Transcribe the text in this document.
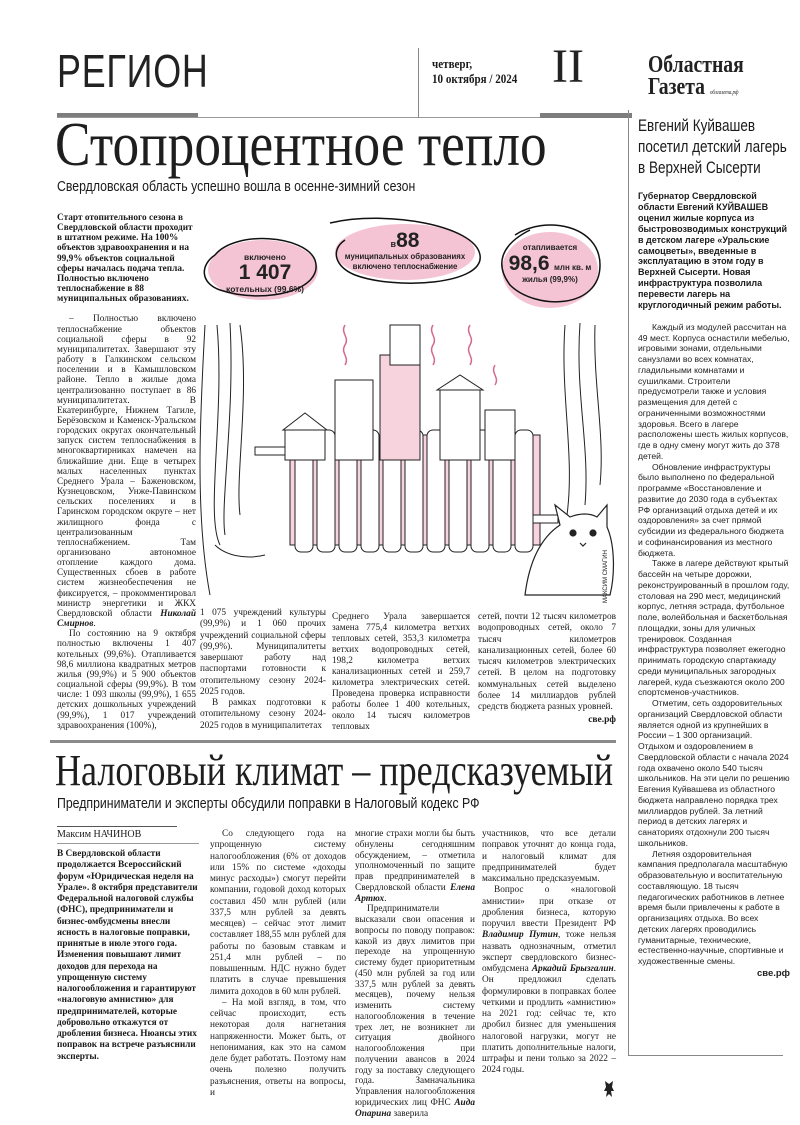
РЕГИОН	четверг,
10 октября / 2024 II	Областная
Газета облгазета.рф
Стопроцентное тепло
Свердловская область успешно вошла в осенне-зимний сезон
Старт отопительного сезона в Свердловской области проходит в штатном режиме. На 100% объектов здравоохранения и на 99,9% объектов социальной сферы началась подача тепла. Полностью включено теплоснабжение в 88 муниципальных образованиях.

– Полностью включено теплоснабжение объектов социальной сферы в 92 муниципалитетах. Завершают эту работу в Галкинском сельском поселении и в Камышловском районе. Тепло в жилые дома централизованно поступает в 86 муниципалитетах. В Екатеринбурге, Нижнем Тагиле, Берёзовском и Каменск-Уральском городских округах окончательный запуск систем теплоснабжения в многоквартирниках намечен на ближайшие дни. Еще в четырех малых населенных пунктах Среднего Урала – Баженовском, Кузнецовском, Унже-Павинском сельских поселениях и в Гаринском городском округе – нет жилищного фонда с централизованным теплоснабжением. Там организовано автономное отопление каждого дома. Существенных сбоев в работе систем жизнеобеспечения не фиксируется, – прокомментировал министр энергетики и ЖКХ Свердловской области Николай Смирнов.

По состоянию на 9 октября полностью включены 1 407 котельных (99,6%). Отапливается 98,6 миллиона квадратных метров жилья (99,9%) и 5 900 объектов социальной сферы (99,9%). В том числе: 1 093 школы (99,9%), 1 655 детских дошкольных учреждений (99,9%), 1 017 учреждений здравоохранения (100%),

1 075 учреждений культуры (99,9%) и 1 060 прочих учреждений социальной сферы (99,9%). Муниципалитеты завершают работу над паспортами готовности к отопительному сезону 2024-2025 годов.

В рамках подготовки к отопительному сезону 2024-2025 годов в муниципалитетах

Среднего Урала завершается замена 775,4 километра ветхих тепловых сетей, 353,3 километра ветхих водопроводных сетей, 198,2 километра ветхих канализационных сетей и 259,7 километра электрических сетей. Проведена проверка исправности работы более 1 400 котельных, около 14 тысяч километров тепловых

сетей, почти 12 тысяч километров водопроводных сетей, около 7 тысяч километров канализационных сетей, более 60 тысяч километров электрических сетей. В целом на подготовку коммунальных сетей выделено более 14 миллиардов рублей средств бюджета разных уровней.

све.рф
включено
1 407
котельных (99,6%)
в88
муниципальных образованиях включено теплоснабжение
отапливается
98,6 млн кв. м
жилья (99,9%)
МАКСИМ СМАГИН
Евгений Куйвашев посетил детский лагерь в Верхней Сысерти
Губернатор Свердловской области Евгений КУЙВАШЕВ оценил жилые корпуса из быстровозводимых конструкций в детском лагере «Уральские самоцветы», введенные в эксплуатацию в этом году в Верхней Сысерти. Новая инфраструктура позволила перевести лагерь на круглогодичный режим работы.

Каждый из модулей рассчитан на 49 мест. Корпуса оснастили мебелью, игровыми зонами, отдельными санузлами во всех комнатах, гладильными комнатами и сушилками. Строители предусмотрели также и условия размещения для детей с ограниченными возможностями здоровья. Всего в лагере расположены шесть жилых корпусов, где в одну смену могут жить до 378 детей.

Обновление инфраструктуры было выполнено по федеральной программе «Восстановление и развитие до 2030 года в субъектах РФ организаций отдыха детей и их оздоровления» за счет прямой субсидии из федерального бюджета и софинансирования из местного бюджета.

Также в лагере действуют крытый бассейн на четыре дорожки, реконструированный в прошлом году, столовая на 290 мест, медицинский корпус, летняя эстрада, футбольное поле, волейбольная и баскетбольная площадки, зоны для уличных тренировок. Созданная инфраструктура позволяет ежегодно принимать городскую спартакиаду среди муниципальных загородных лагерей, куда съезжаются около 200 спортсменов-участников.

Отметим, сеть оздоровительных организаций Свердловской области является одной из крупнейших в России – 1 300 организаций. Отдыхом и оздоровлением в Свердловской области с начала 2024 года охвачено около 540 тысяч школьников. На эти цели по решению Евгения Куйвашева из областного бюджета направлено порядка трех миллиардов рублей. За летний период в детских лагерях и санаториях отдохнули 200 тысяч школьников.

Летняя оздоровительная кампания предполагала масштабную образовательную и воспитательную составляющую. 18 тысяч педагогических работников в летнее время были привлечены к работе в организациях отдыха. Во всех детских лагерях проводились гуманитарные, технические, естественно-научные, спортивные и художественные смены.

све.рф
Налоговый климат – предсказуемый
Предприниматели и эксперты обсудили поправки в Налоговый кодекс РФ
Максим НАЧИНОВ
В Свердловской области продолжается Всероссийский форум «Юридическая неделя на Урале». 8 октября представители Федеральной налоговой службы (ФНС), предприниматели и бизнес-омбудсмены внесли ясность в налоговые поправки, принятые в июле этого года. Изменения повышают лимит доходов для перехода на упрощенную систему налогообложения и гарантируют «налоговую амнистию» для предпринимателей, которые добровольно откажутся от дробления бизнеса. Нюансы этих поправок на встрече разъяснили эксперты.

Со следующего года на упрощенную систему налогообложения (6% от доходов или 15% по системе «доходы минус расходы») смогут перейти компании, годовой доход которых составил 450 млн рублей (или 337,5 млн рублей за девять месяцев) – сейчас этот лимит составляет 188,55 млн рублей для работы по базовым ставкам и 251,4 млн рублей – по повышенным. НДС нужно будет платить в случае превышения лимита доходов в 60 млн рублей.

– На мой взгляд, в том, что сейчас происходит, есть некоторая доля нагнетания напряженности. Может быть, от непонимания, как это на самом деле будет работать. Поэтому нам очень полезно получить разъяснения, ответы на вопросы, и

многие страхи могли бы быть обнулены сегодняшним обсуждением, – отметила уполномоченный по защите прав предпринимателей в Свердловской области Елена Артюх.

Предприниматели высказали свои опасения и вопросы по поводу поправок: какой из двух лимитов при переходе на упрощенную систему будет приоритетным (450 млн рублей за год или 337,5 млн рублей за девять месяцев), почему нельзя изменить систему налогообложения в течение трех лет, не возникнет ли ситуация двойного налогообложения при получении авансов в 2024 году за поставку следующего года. Замначальника Управления налогообложения юридических лиц ФНС Аида Опарина заверила

участников, что все детали поправок уточнят до конца года, и налоговый климат для предпринимателей будет максимально предсказуемым.

Вопрос о «налоговой амнистии» при отказе от дробления бизнеса, которую поручил ввести Президент РФ Владимир Путин, тоже нельзя назвать однозначным, отметил эксперт свердловского бизнес-омбудсмена Аркадий Брызгалин. Он предложил сделать формулировки в поправках более четкими и продлить «амнистию» на 2021 год: сейчас те, кто дробил бизнес для уменьшения налоговой нагрузки, могут не платить дополнительные налоги, штрафы и пени только за 2022 – 2024 годы.
